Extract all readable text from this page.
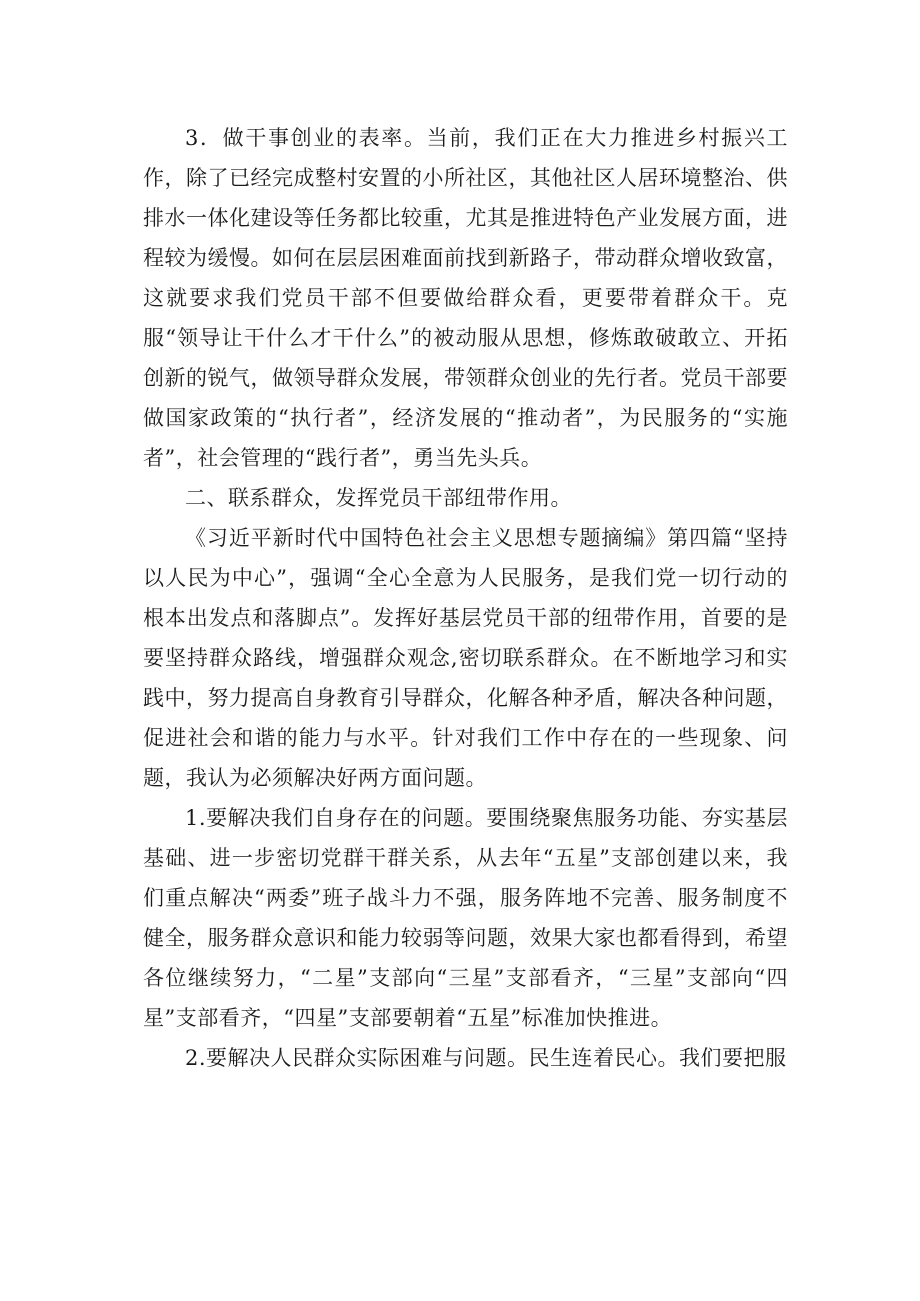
3．做干事创业的表率。当前，我们正在大力推进乡村振兴工作，除了已经完成整村安置的小所社区，其他社区人居环境整治、供排水一体化建设等任务都比较重，尤其是推进特色产业发展方面，进程较为缓慢。如何在层层困难面前找到新路子，带动群众增收致富，这就要求我们党员干部不但要做给群众看，更要带着群众干。克服“领导让干什么才干什么”的被动服从思想，修炼敢破敢立、开拓创新的锐气，做领导群众发展，带领群众创业的先行者。党员干部要做国家政策的“执行者”，经济发展的“推动者”，为民服务的“实施者”，社会管理的“践行者”，勇当先头兵。

二、联系群众，发挥党员干部纽带作用。

《习近平新时代中国特色社会主义思想专题摘编》第四篇“坚持以人民为中心”，强调“全心全意为人民服务，是我们党一切行动的根本出发点和落脚点”。发挥好基层党员干部的纽带作用，首要的是要坚持群众路线，增强群众观念,密切联系群众。在不断地学习和实践中，努力提高自身教育引导群众，化解各种矛盾，解决各种问题，促进社会和谐的能力与水平。针对我们工作中存在的一些现象、问题，我认为必须解决好两方面问题。

1.要解决我们自身存在的问题。要围绕聚焦服务功能、夯实基层基础、进一步密切党群干群关系，从去年“五星”支部创建以来，我们重点解决“两委”班子战斗力不强，服务阵地不完善、服务制度不健全，服务群众意识和能力较弱等问题，效果大家也都看得到，希望各位继续努力，“二星”支部向“三星”支部看齐，“三星”支部向“四星”支部看齐，“四星”支部要朝着“五星”标准加快推进。

2.要解决人民群众实际困难与问题。民生连着民心。我们要把服
